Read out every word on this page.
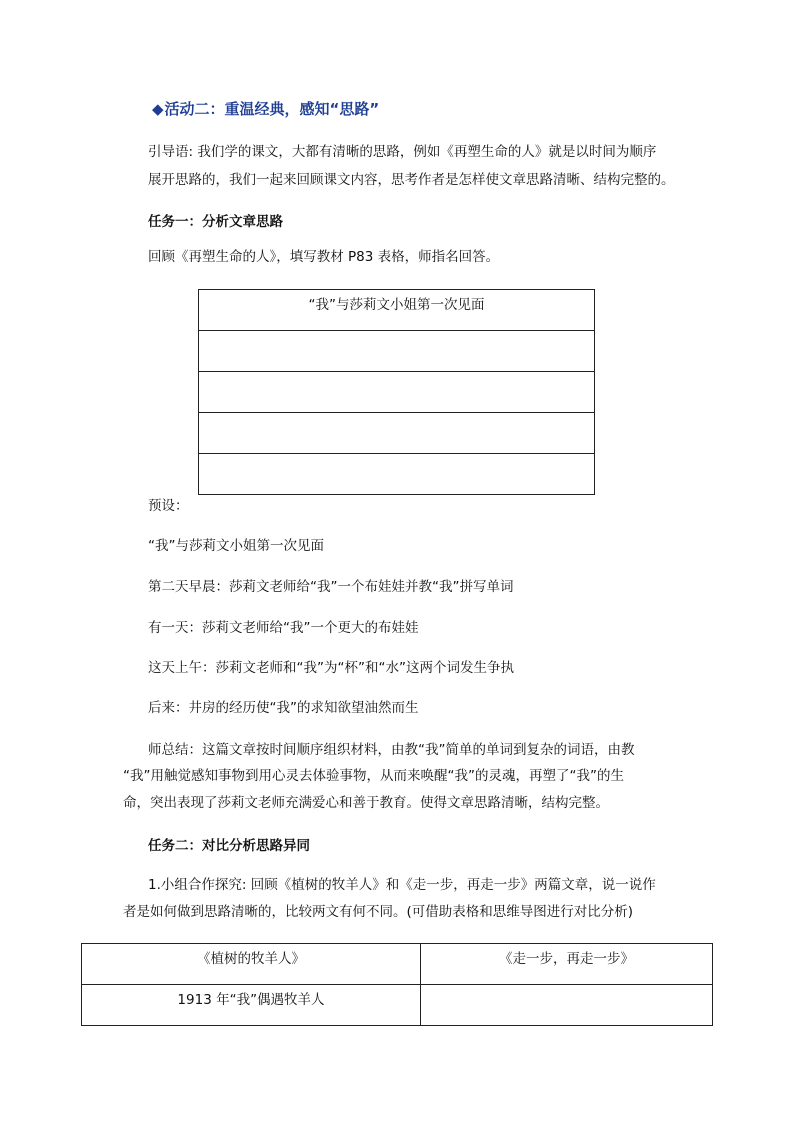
◆活动二：重温经典，感知“思路”
引导语: 我们学的课文，大都有清晰的思路，例如《再塑生命的人》就是以时间为顺序
展开思路的，我们一起来回顾课文内容，思考作者是怎样使文章思路清晰、结构完整的。
任务一：分析文章思路
回顾《再塑生命的人》，填写教材 P83 表格，师指名回答。
“我”与莎莉文小姐第一次见面

预设：
“我”与莎莉文小姐第一次见面
第二天早晨：莎莉文老师给“我”一个布娃娃并教“我”拼写单词
有一天：莎莉文老师给“我”一个更大的布娃娃
这天上午：莎莉文老师和“我”为“杯”和“水”这两个词发生争执
后来：井房的经历使“我”的求知欲望油然而生
师总结：这篇文章按时间顺序组织材料，由教“我”简单的单词到复杂的词语，由教
“我”用触觉感知事物到用心灵去体验事物，从而来唤醒“我”的灵魂，再塑了“我”的生
命，突出表现了莎莉文老师充满爱心和善于教育。使得文章思路清晰，结构完整。
任务二：对比分析思路异同
1.小组合作探究: 回顾《植树的牧羊人》和《走一步，再走一步》两篇文章，说一说作
者是如何做到思路清晰的，比较两文有何不同。(可借助表格和思维导图进行对比分析)
《植树的牧羊人》	《走一步，再走一步》
1913 年“我”偶遇牧羊人	
